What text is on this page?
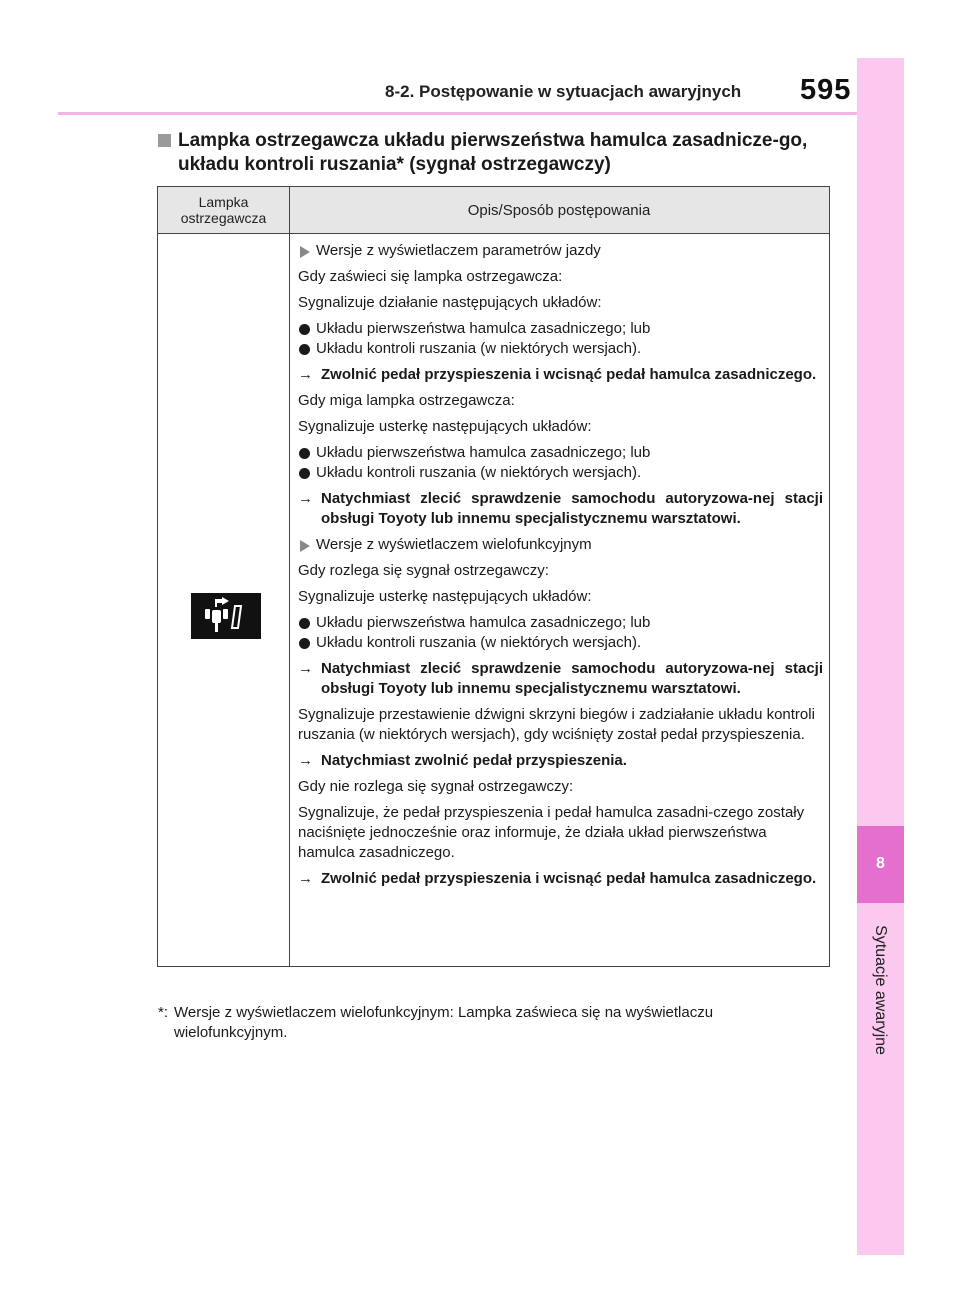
8-2. Postępowanie w sytuacjach awaryjnych 595
8
Sytuacje awaryjne
Lampka ostrzegawcza układu pierwszeństwa hamulca zasadnicze-go, układu kontroli ruszania* (sygnał ostrzegawczy)
Lampka ostrzegawcza	Opis/Sposób postępowania
Wersje z wyświetlaczem parametrów jazdy
Gdy zaświeci się lampka ostrzegawcza:
Sygnalizuje działanie następujących układów:
Układu pierwszeństwa hamulca zasadniczego; lub
Układu kontroli ruszania (w niektórych wersjach).
→ Zwolnić pedał przyspieszenia i wcisnąć pedał hamulca zasadniczego.
Gdy miga lampka ostrzegawcza:
Sygnalizuje usterkę następujących układów:
Układu pierwszeństwa hamulca zasadniczego; lub
Układu kontroli ruszania (w niektórych wersjach).
→ Natychmiast zlecić sprawdzenie samochodu autoryzowa-nej stacji obsługi Toyoty lub innemu specjalistycznemu warsztatowi.
Wersje z wyświetlaczem wielofunkcyjnym
Gdy rozlega się sygnał ostrzegawczy:
Sygnalizuje usterkę następujących układów:
Układu pierwszeństwa hamulca zasadniczego; lub
Układu kontroli ruszania (w niektórych wersjach).
→ Natychmiast zlecić sprawdzenie samochodu autoryzowa-nej stacji obsługi Toyoty lub innemu specjalistycznemu warsztatowi.
Sygnalizuje przestawienie dźwigni skrzyni biegów i zadziałanie układu kontroli ruszania (w niektórych wersjach), gdy wciśnięty został pedał przyspieszenia.
→ Natychmiast zwolnić pedał przyspieszenia.
Gdy nie rozlega się sygnał ostrzegawczy:
Sygnalizuje, że pedał przyspieszenia i pedał hamulca zasadni-czego zostały naciśnięte jednocześnie oraz informuje, że działa układ pierwszeństwa hamulca zasadniczego.
→ Zwolnić pedał przyspieszenia i wcisnąć pedał hamulca zasadniczego.
*: Wersje z wyświetlaczem wielofunkcyjnym: Lampka zaświeca się na wyświetlaczu wielofunkcyjnym.
